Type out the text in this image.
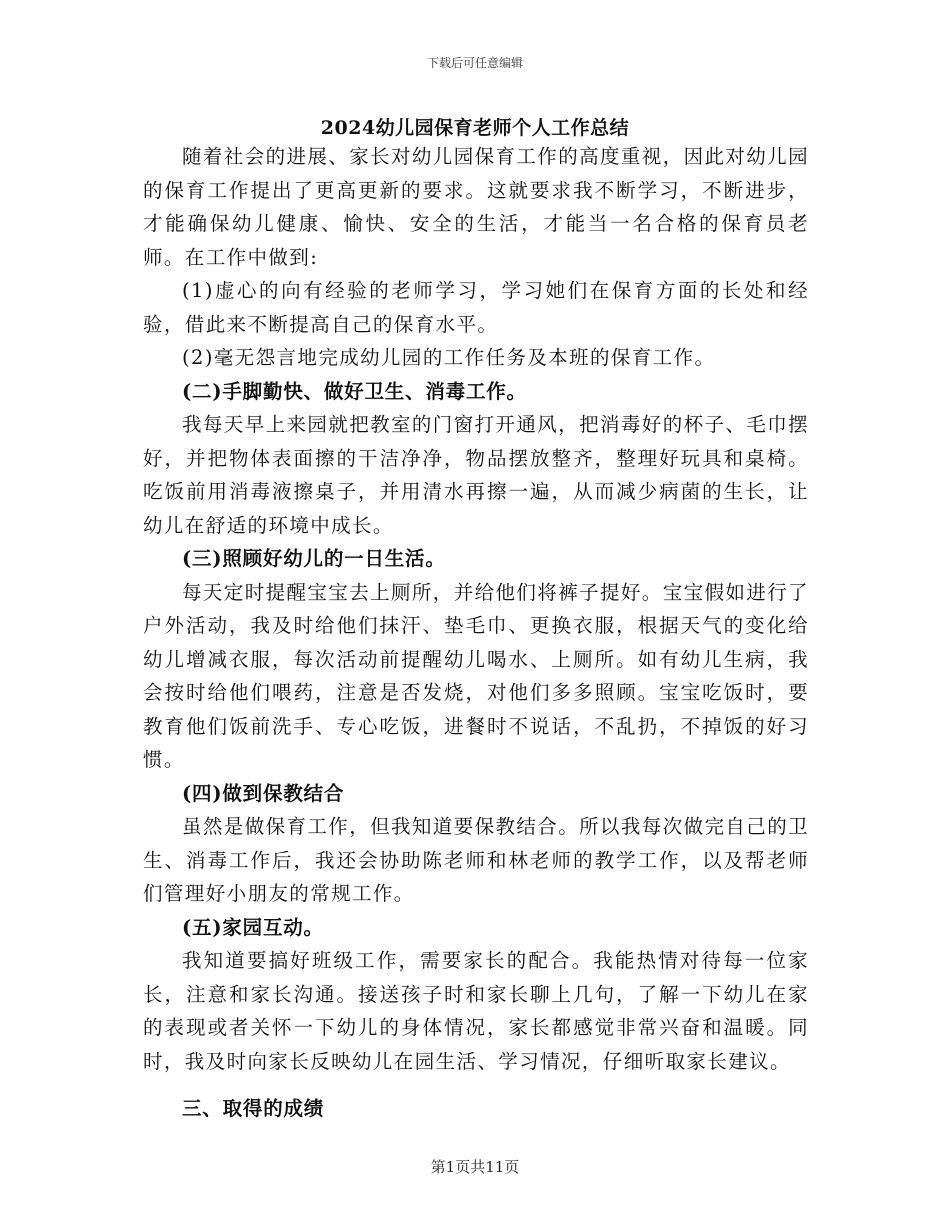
下载后可任意编辑
2024幼儿园保育老师个人工作总结

随着社会的进展、家长对幼儿园保育工作的高度重视，因此对幼儿园的保育工作提出了更高更新的要求。这就要求我不断学习，不断进步，才能确保幼儿健康、愉快、安全的生活，才能当一名合格的保育员老师。在工作中做到:

(1)虚心的向有经验的老师学习，学习她们在保育方面的长处和经验，借此来不断提高自己的保育水平。

(2)毫无怨言地完成幼儿园的工作任务及本班的保育工作。

(二)手脚勤快、做好卫生、消毒工作。

我每天早上来园就把教室的门窗打开通风，把消毒好的杯子、毛巾摆好，并把物体表面擦的干洁净净，物品摆放整齐，整理好玩具和桌椅。吃饭前用消毒液擦桌子，并用清水再擦一遍，从而减少病菌的生长，让幼儿在舒适的环境中成长。

(三)照顾好幼儿的一日生活。

每天定时提醒宝宝去上厕所，并给他们将裤子提好。宝宝假如进行了户外活动，我及时给他们抹汗、垫毛巾、更换衣服，根据天气的变化给幼儿增减衣服，每次活动前提醒幼儿喝水、上厕所。如有幼儿生病，我会按时给他们喂药，注意是否发烧，对他们多多照顾。宝宝吃饭时，要教育他们饭前洗手、专心吃饭，进餐时不说话，不乱扔，不掉饭的好习惯。

(四)做到保教结合

虽然是做保育工作，但我知道要保教结合。所以我每次做完自己的卫生、消毒工作后，我还会协助陈老师和林老师的教学工作，以及帮老师们管理好小朋友的常规工作。

(五)家园互动。

我知道要搞好班级工作，需要家长的配合。我能热情对待每一位家长，注意和家长沟通。接送孩子时和家长聊上几句，了解一下幼儿在家的表现或者关怀一下幼儿的身体情况，家长都感觉非常兴奋和温暖。同时，我及时向家长反映幼儿在园生活、学习情况，仔细听取家长建议。

三、取得的成绩

第1页共11页
